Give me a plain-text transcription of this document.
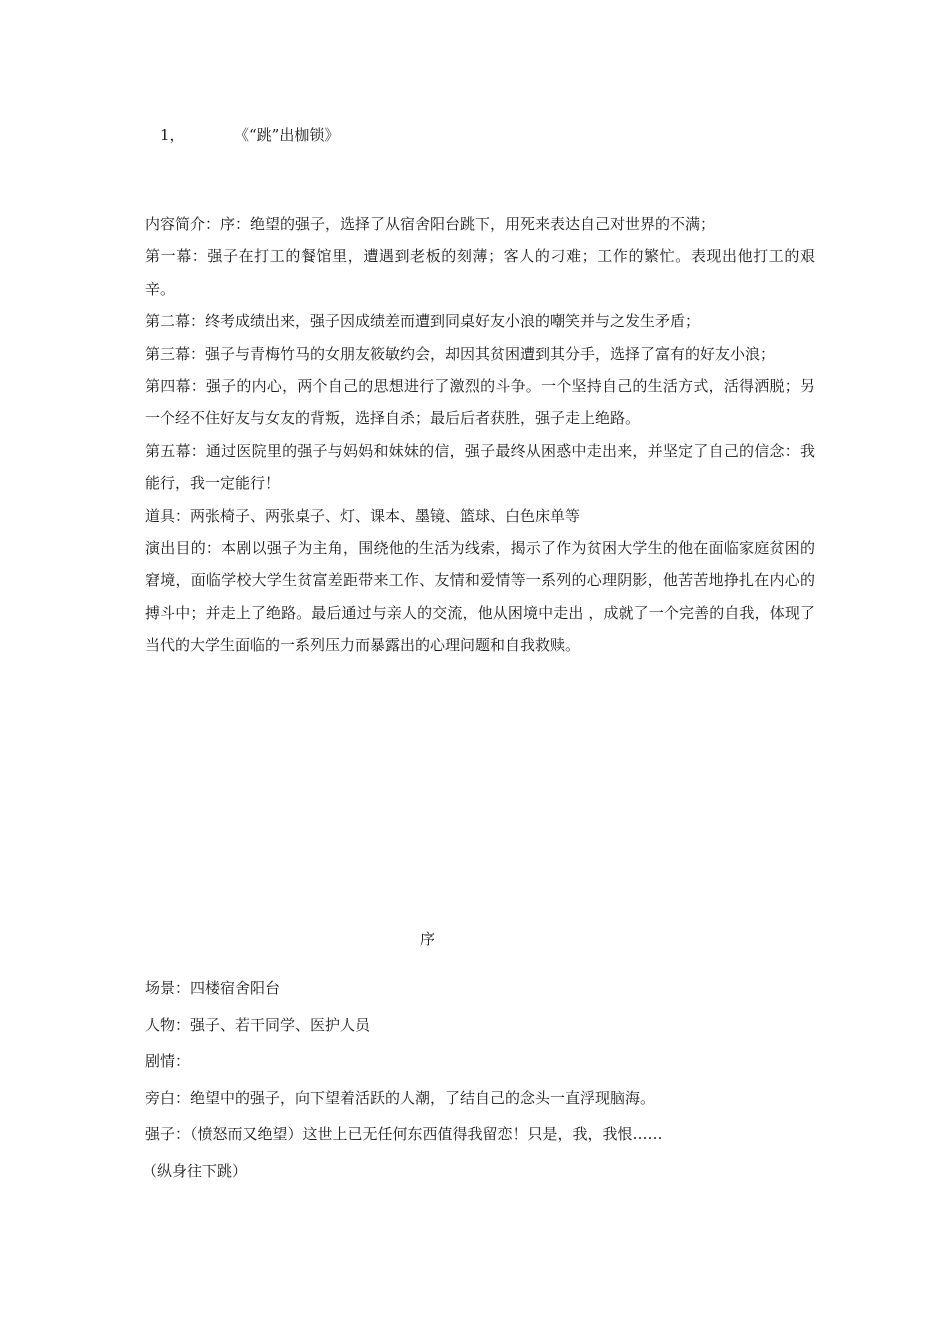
1，	《“跳”出枷锁》

内容简介：序：绝望的强子，选择了从宿舍阳台跳下，用死来表达自己对世界的不满；

第一幕：强子在打工的餐馆里，遭遇到老板的刻薄；客人的刁难；工作的繁忙。表现出他打工的艰辛。

第二幕：终考成绩出来，强子因成绩差而遭到同桌好友小浪的嘲笑并与之发生矛盾；

第三幕：强子与青梅竹马的女朋友筱敏约会，却因其贫困遭到其分手，选择了富有的好友小浪；

第四幕：强子的内心，两个自己的思想进行了激烈的斗争。一个坚持自己的生活方式，活得洒脱；另一个经不住好友与女友的背叛，选择自杀；最后后者获胜，强子走上绝路。

第五幕：通过医院里的强子与妈妈和妹妹的信，强子最终从困惑中走出来，并坚定了自己的信念：我能行，我一定能行！

道具：两张椅子、两张桌子、灯、课本、墨镜、篮球、白色床单等

演出目的：本剧以强子为主角，围绕他的生活为线索，揭示了作为贫困大学生的他在面临家庭贫困的窘境，面临学校大学生贫富差距带来工作、友情和爱情等一系列的心理阴影，他苦苦地挣扎在内心的搏斗中；并走上了绝路。最后通过与亲人的交流，他从困境中走出 ，成就了一个完善的自我，体现了当代的大学生面临的一系列压力而暴露出的心理问题和自我救赎。

序

场景：四楼宿舍阳台

人物：强子、若干同学、医护人员

剧情：

旁白：绝望中的强子，向下望着活跃的人潮，了结自己的念头一直浮现脑海。

强子：（愤怒而又绝望）这世上已无任何东西值得我留恋！只是，我，我恨……

（纵身往下跳）
